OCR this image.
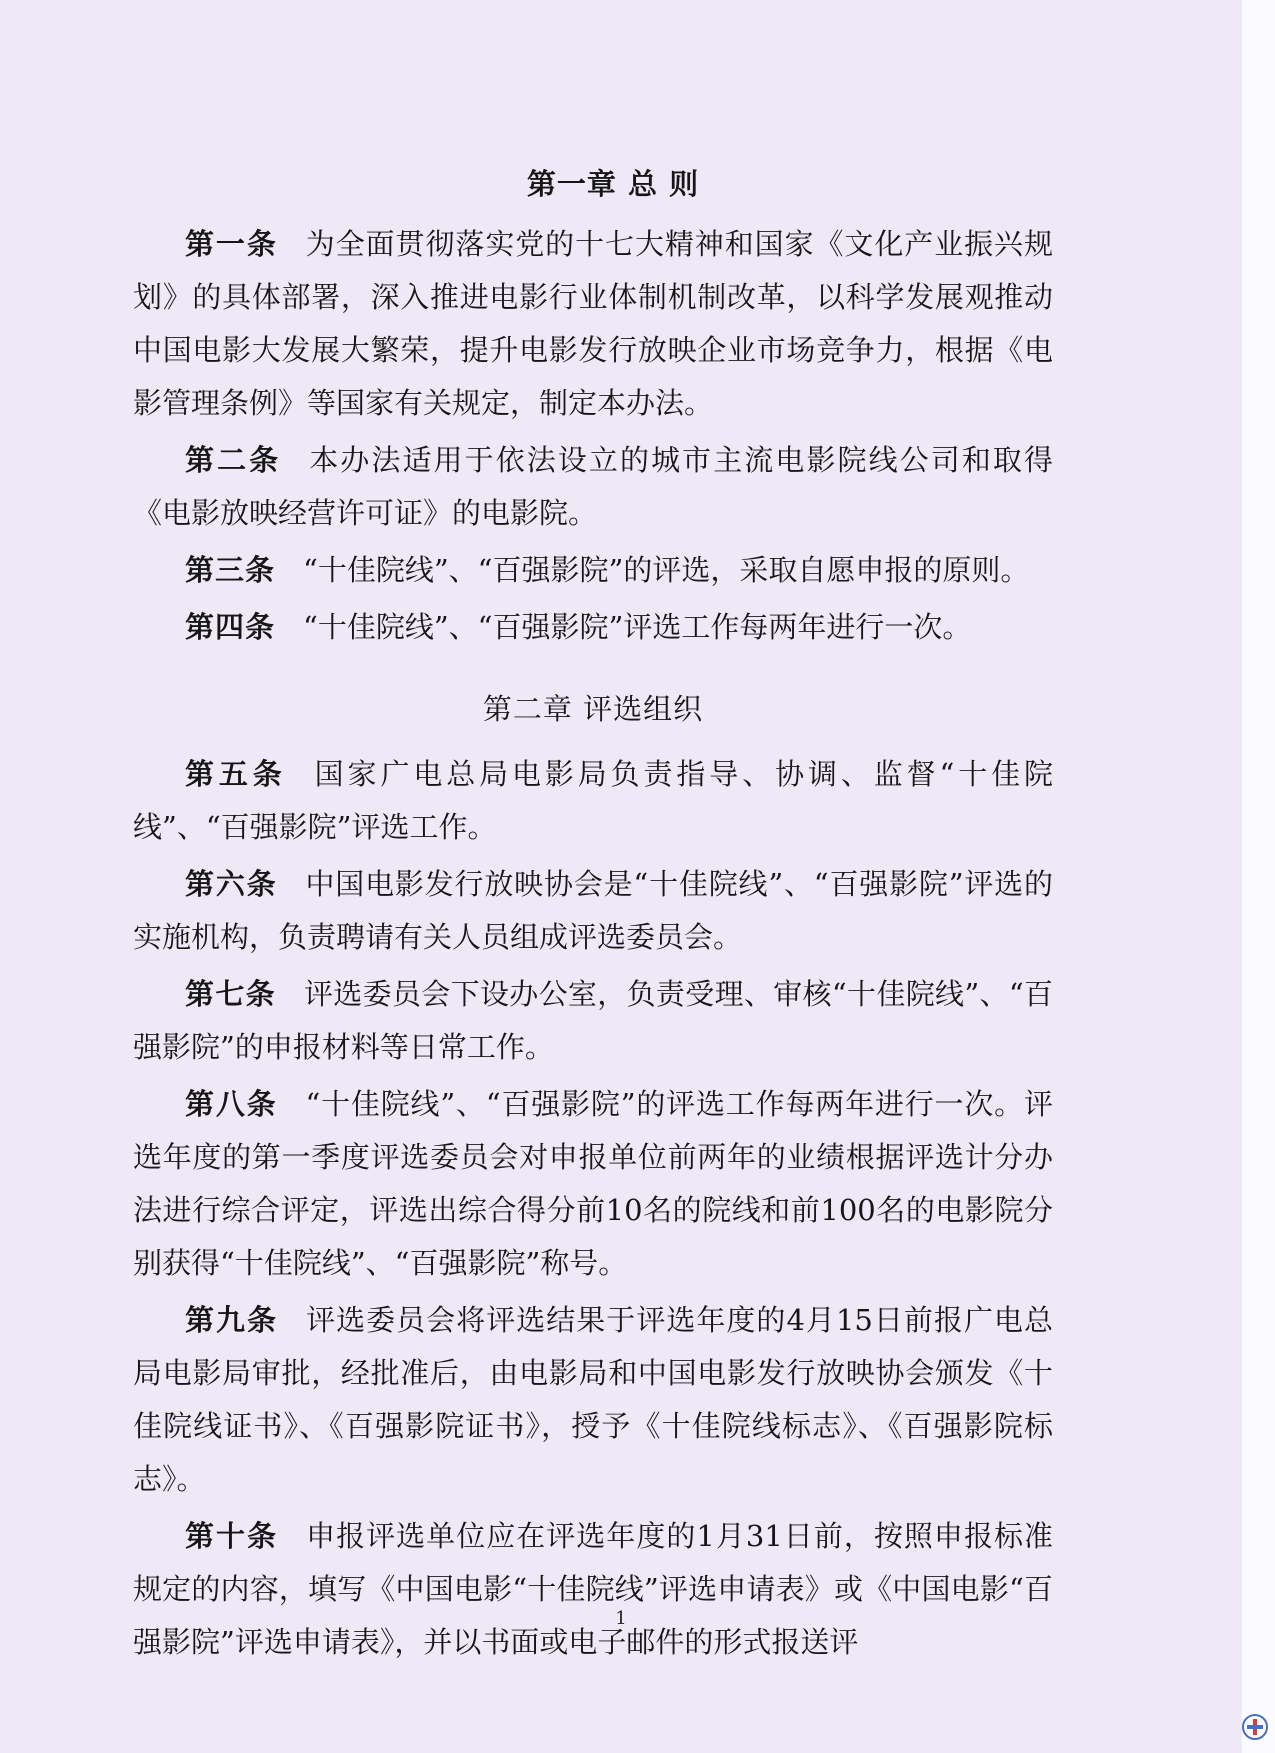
第一章 总 则

第一条 为全面贯彻落实党的十七大精神和国家《文化产业振兴规划》的具体部署，深入推进电影行业体制机制改革，以科学发展观推动中国电影大发展大繁荣，提升电影发行放映企业市场竞争力，根据《电影管理条例》等国家有关规定，制定本办法。

第二条 本办法适用于依法设立的城市主流电影院线公司和取得《电影放映经营许可证》的电影院。

第三条 “十佳院线”、“百强影院”的评选，采取自愿申报的原则。

第四条 “十佳院线”、“百强影院”评选工作每两年进行一次。

第二章 评选组织

第五条 国家广电总局电影局负责指导、协调、监督“十佳院线”、“百强影院”评选工作。

第六条 中国电影发行放映协会是“十佳院线”、“百强影院”评选的实施机构，负责聘请有关人员组成评选委员会。

第七条 评选委员会下设办公室，负责受理、审核“十佳院线”、“百强影院”的申报材料等日常工作。

第八条 “十佳院线”、“百强影院”的评选工作每两年进行一次。评选年度的第一季度评选委员会对申报单位前两年的业绩根据评选计分办法进行综合评定，评选出综合得分前10名的院线和前100名的电影院分别获得“十佳院线”、“百强影院”称号。

第九条 评选委员会将评选结果于评选年度的4月15日前报广电总局电影局审批，经批准后，由电影局和中国电影发行放映协会颁发《十佳院线证书》、《百强影院证书》，授予《十佳院线标志》、《百强影院标志》。

第十条 申报评选单位应在评选年度的1月31日前，按照申报标准规定的内容，填写《中国电影“十佳院线”评选申请表》或《中国电影“百强影院”评选申请表》，并以书面或电子邮件的形式报送评

1
